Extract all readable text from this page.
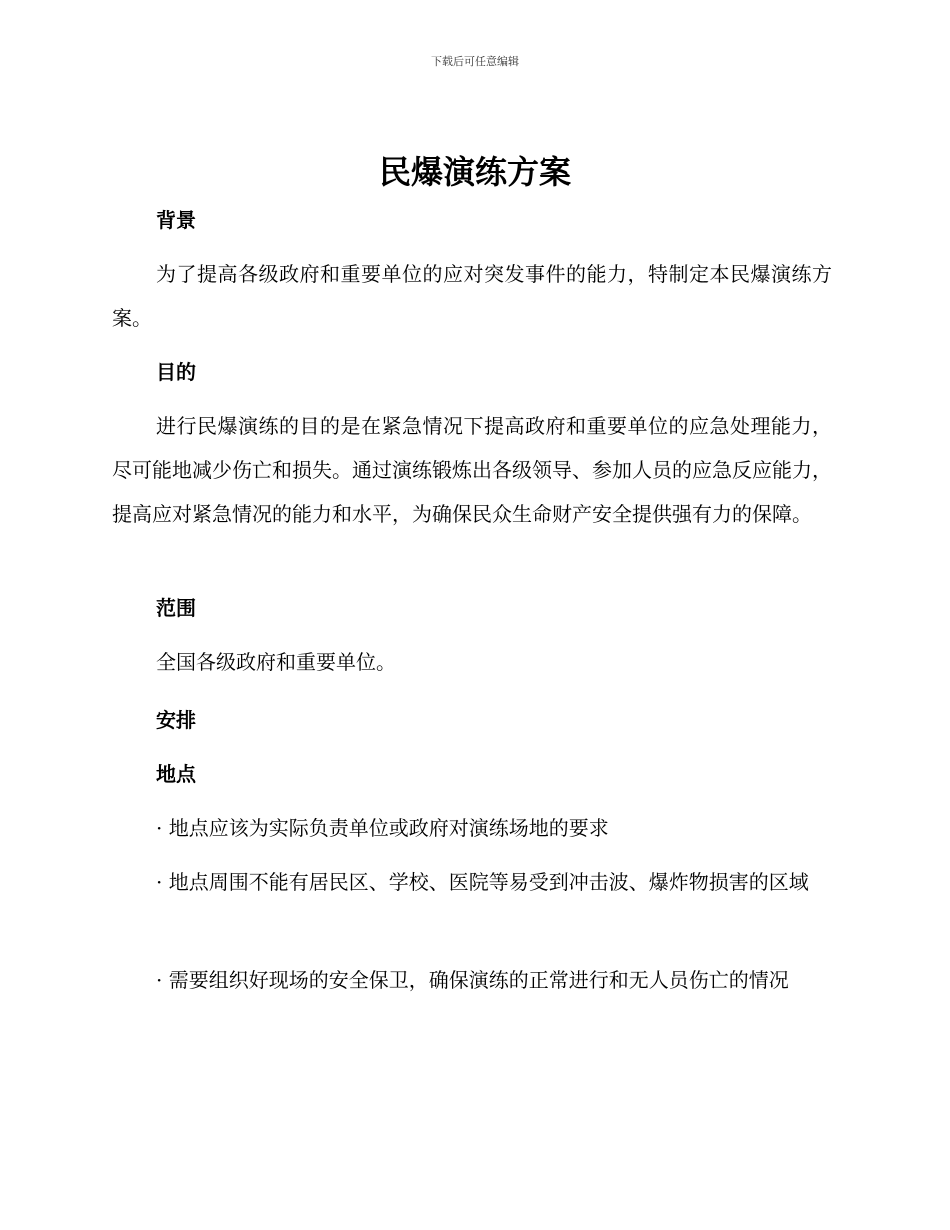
下载后可任意编辑
民爆演练方案
背景
为了提高各级政府和重要单位的应对突发事件的能力，特制定本民爆演练方案。
目的
进行民爆演练的目的是在紧急情况下提高政府和重要单位的应急处理能力，尽可能地减少伤亡和损失。通过演练锻炼出各级领导、参加人员的应急反应能力，提高应对紧急情况的能力和水平，为确保民众生命财产安全提供强有力的保障。
范围
全国各级政府和重要单位。
安排
地点
· 地点应该为实际负责单位或政府对演练场地的要求
· 地点周围不能有居民区、学校、医院等易受到冲击波、爆炸物损害的区域
· 需要组织好现场的安全保卫，确保演练的正常进行和无人员伤亡的情况
